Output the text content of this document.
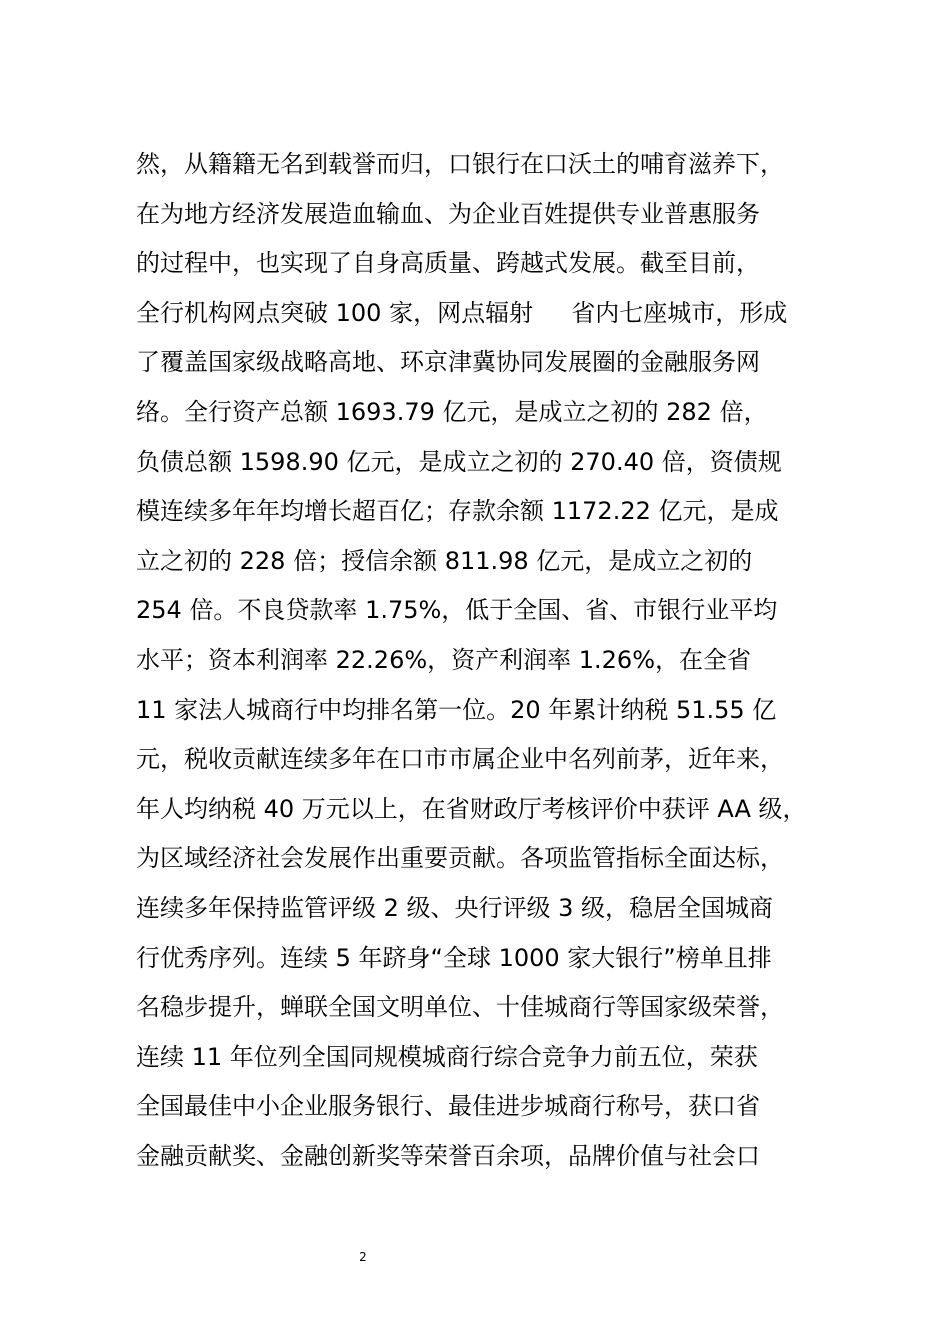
然，从籍籍无名到载誉而归，口银行在口沃土的哺育滋养下，
在为地方经济发展造血输血、为企业百姓提供专业普惠服务
的过程中，也实现了自身高质量、跨越式发展。截至目前，
全行机构网点突破 100 家，网点辐射     省内七座城市，形成
了覆盖国家级战略高地、环京津冀协同发展圈的金融服务网
络。全行资产总额 1693.79 亿元，是成立之初的 282 倍，
负债总额 1598.90 亿元，是成立之初的 270.40 倍，资债规
模连续多年年均增长超百亿；存款余额 1172.22 亿元，是成
立之初的 228 倍；授信余额 811.98 亿元，是成立之初的
254 倍。不良贷款率 1.75%，低于全国、省、市银行业平均
水平；资本利润率 22.26%，资产利润率 1.26%，在全省
11 家法人城商行中均排名第一位。20 年累计纳税 51.55 亿
元，税收贡献连续多年在口市市属企业中名列前茅，近年来，
年人均纳税 40 万元以上，在省财政厅考核评价中获评 AA 级，
为区域经济社会发展作出重要贡献。各项监管指标全面达标，
连续多年保持监管评级 2 级、央行评级 3 级，稳居全国城商
行优秀序列。连续 5 年跻身“全球 1000 家大银行”榜单且排
名稳步提升，蝉联全国文明单位、十佳城商行等国家级荣誉，
连续 11 年位列全国同规模城商行综合竞争力前五位，荣获
全国最佳中小企业服务银行、最佳进步城商行称号，获口省
金融贡献奖、金融创新奖等荣誉百余项，品牌价值与社会口
2
